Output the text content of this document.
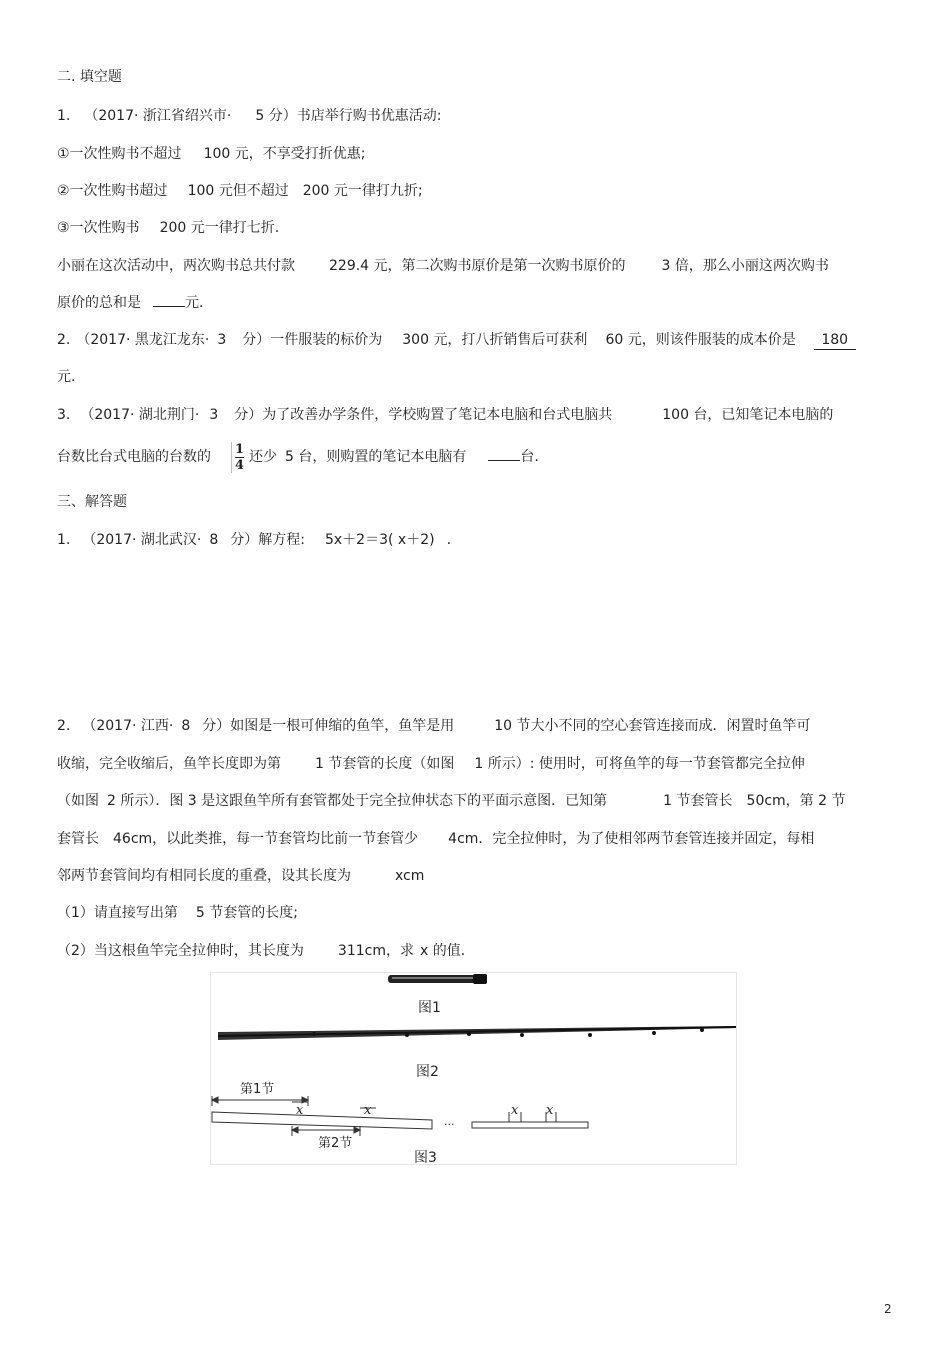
二. 填空题
1. （2017· 浙江省绍兴市· 5 分）书店举行购书优惠活动:
①一次性购书不超过 100 元，不享受打折优惠;
②一次性购书超过 100 元但不超过 200 元一律打九折;
③一次性购书 200 元一律打七折.
小丽在这次活动中，两次购书总共付款 229.4 元，第二次购书原价是第一次购书原价的	3 倍，那么小丽这两次购书
原价的总和是	元.
2. （2017· 黑龙江龙东· 3 分）一件服装的标价为 300 元，打八折销售后可获利 60 元，则该件服装的成本价是 180
元.
3. （2017· 湖北荆门· 3 分）为了改善办学条件，学校购置了笔记本电脑和台式电脑共	100 台，已知笔记本电脑的
台数比台式电脑的台数的 $\frac{1}{4}$ 还少 5 台，则购置的笔记本电脑有	台.
三、解答题
1. （2017· 湖北武汉· 8 分）解方程: 5x＋2＝3( x＋2) .
2. （2017· 江西· 8 分）如图是一根可伸缩的鱼竿，鱼竿是用	10 节大小不同的空心套管连接而成．闲置时鱼竿可
收缩，完全收缩后，鱼竿长度即为第 1 节套管的长度（如图 1 所示）: 使用时，可将鱼竿的每一节套管都完全拉伸
（如图 2 所示）．图 3 是这跟鱼竿所有套管都处于完全拉伸状态下的平面示意图．已知第	1 节套管长 50cm，第 2 节
套管长 46cm，以此类推，每一节套管均比前一节套管少 4cm．完全拉伸时，为了使相邻两节套管连接并固定，每相
邻两节套管间均有相同长度的重叠，设其长度为	xcm
（1）请直接写出第 5 节套管的长度;
（2）当这根鱼竿完全拉伸时，其长度为 311cm，求 x 的值.
图1
图2
第1节
第2节
x	x	x x
···
图3
2
